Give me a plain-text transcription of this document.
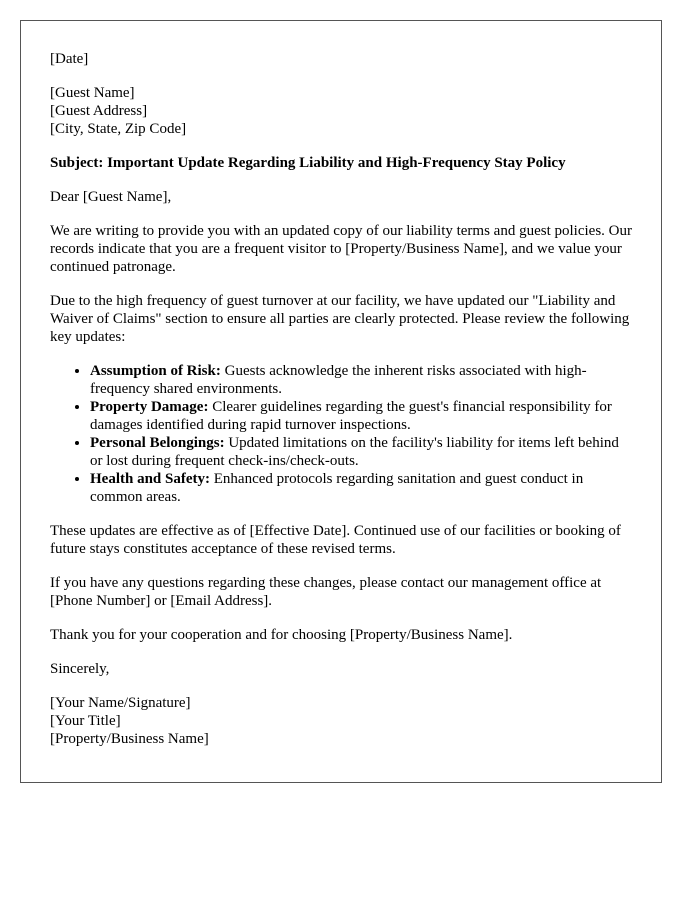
[Date]

[Guest Name]
[Guest Address]
[City, State, Zip Code]

Subject: Important Update Regarding Liability and High-Frequency Stay Policy

Dear [Guest Name],

We are writing to provide you with an updated copy of our liability terms and guest policies. Our records indicate that you are a frequent visitor to [Property/Business Name], and we value your continued patronage.

Due to the high frequency of guest turnover at our facility, we have updated our "Liability and Waiver of Claims" section to ensure all parties are clearly protected. Please review the following key updates:

• Assumption of Risk: Guests acknowledge the inherent risks associated with high-frequency shared environments.
• Property Damage: Clearer guidelines regarding the guest's financial responsibility for damages identified during rapid turnover inspections.
• Personal Belongings: Updated limitations on the facility's liability for items left behind or lost during frequent check-ins/check-outs.
• Health and Safety: Enhanced protocols regarding sanitation and guest conduct in common areas.

These updates are effective as of [Effective Date]. Continued use of our facilities or booking of future stays constitutes acceptance of these revised terms.

If you have any questions regarding these changes, please contact our management office at [Phone Number] or [Email Address].

Thank you for your cooperation and for choosing [Property/Business Name].

Sincerely,

[Your Name/Signature]
[Your Title]
[Property/Business Name]
